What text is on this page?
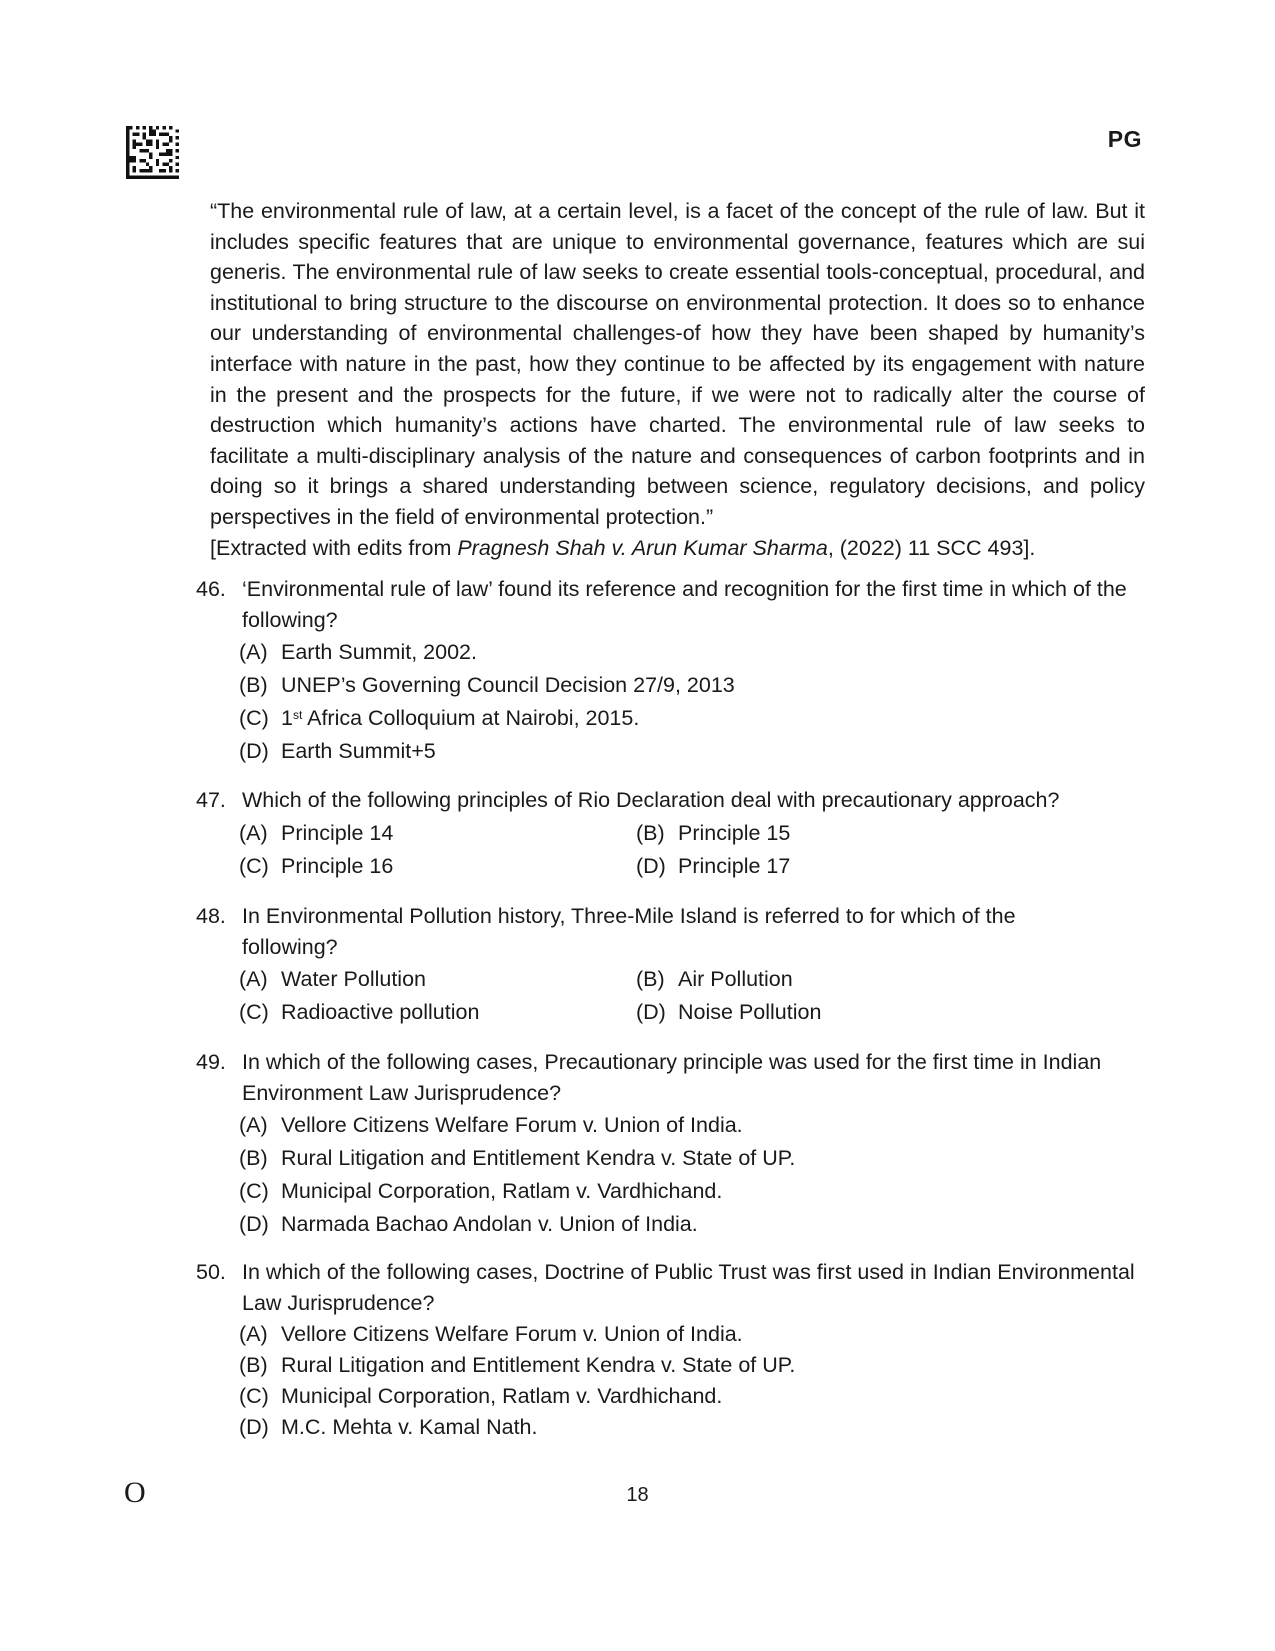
PG

“The environmental rule of law, at a certain level, is a facet of the concept of the rule of law. But it includes specific features that are unique to environmental governance, features which are sui generis. The environmental rule of law seeks to create essential tools-conceptual, procedural, and institutional to bring structure to the discourse on environmental protection. It does so to enhance our understanding of environmental challenges-of how they have been shaped by humanity’s interface with nature in the past, how they continue to be affected by its engagement with nature in the present and the prospects for the future, if we were not to radically alter the course of destruction which humanity’s actions have charted. The environmental rule of law seeks to facilitate a multi-disciplinary analysis of the nature and consequences of carbon footprints and in doing so it brings a shared understanding between science, regulatory decisions, and policy perspectives in the field of environmental protection.”

[Extracted with edits from Pragnesh Shah v. Arun Kumar Sharma, (2022) 11 SCC 493].

46. ‘Environmental rule of law’ found its reference and recognition for the first time in which of the following?
(A) Earth Summit, 2002.
(B) UNEP’s Governing Council Decision 27/9, 2013
(C) 1st Africa Colloquium at Nairobi, 2015.
(D) Earth Summit+5
47. Which of the following principles of Rio Declaration deal with precautionary approach?
(A) Principle 14	(B) Principle 15
(C) Principle 16	(D) Principle 17
48. In Environmental Pollution history, Three-Mile Island is referred to for which of the following?
(A) Water Pollution	(B) Air Pollution
(C) Radioactive pollution	(D) Noise Pollution
49. In which of the following cases, Precautionary principle was used for the first time in Indian Environment Law Jurisprudence?
(A) Vellore Citizens Welfare Forum v. Union of India.
(B) Rural Litigation and Entitlement Kendra v. State of UP.
(C) Municipal Corporation, Ratlam v. Vardhichand.
(D) Narmada Bachao Andolan v. Union of India.
50. In which of the following cases, Doctrine of Public Trust was first used in Indian Environmental Law Jurisprudence?
(A) Vellore Citizens Welfare Forum v. Union of India.
(B) Rural Litigation and Entitlement Kendra v. State of UP.
(C) Municipal Corporation, Ratlam v. Vardhichand.
(D) M.C. Mehta v. Kamal Nath.
O	18
